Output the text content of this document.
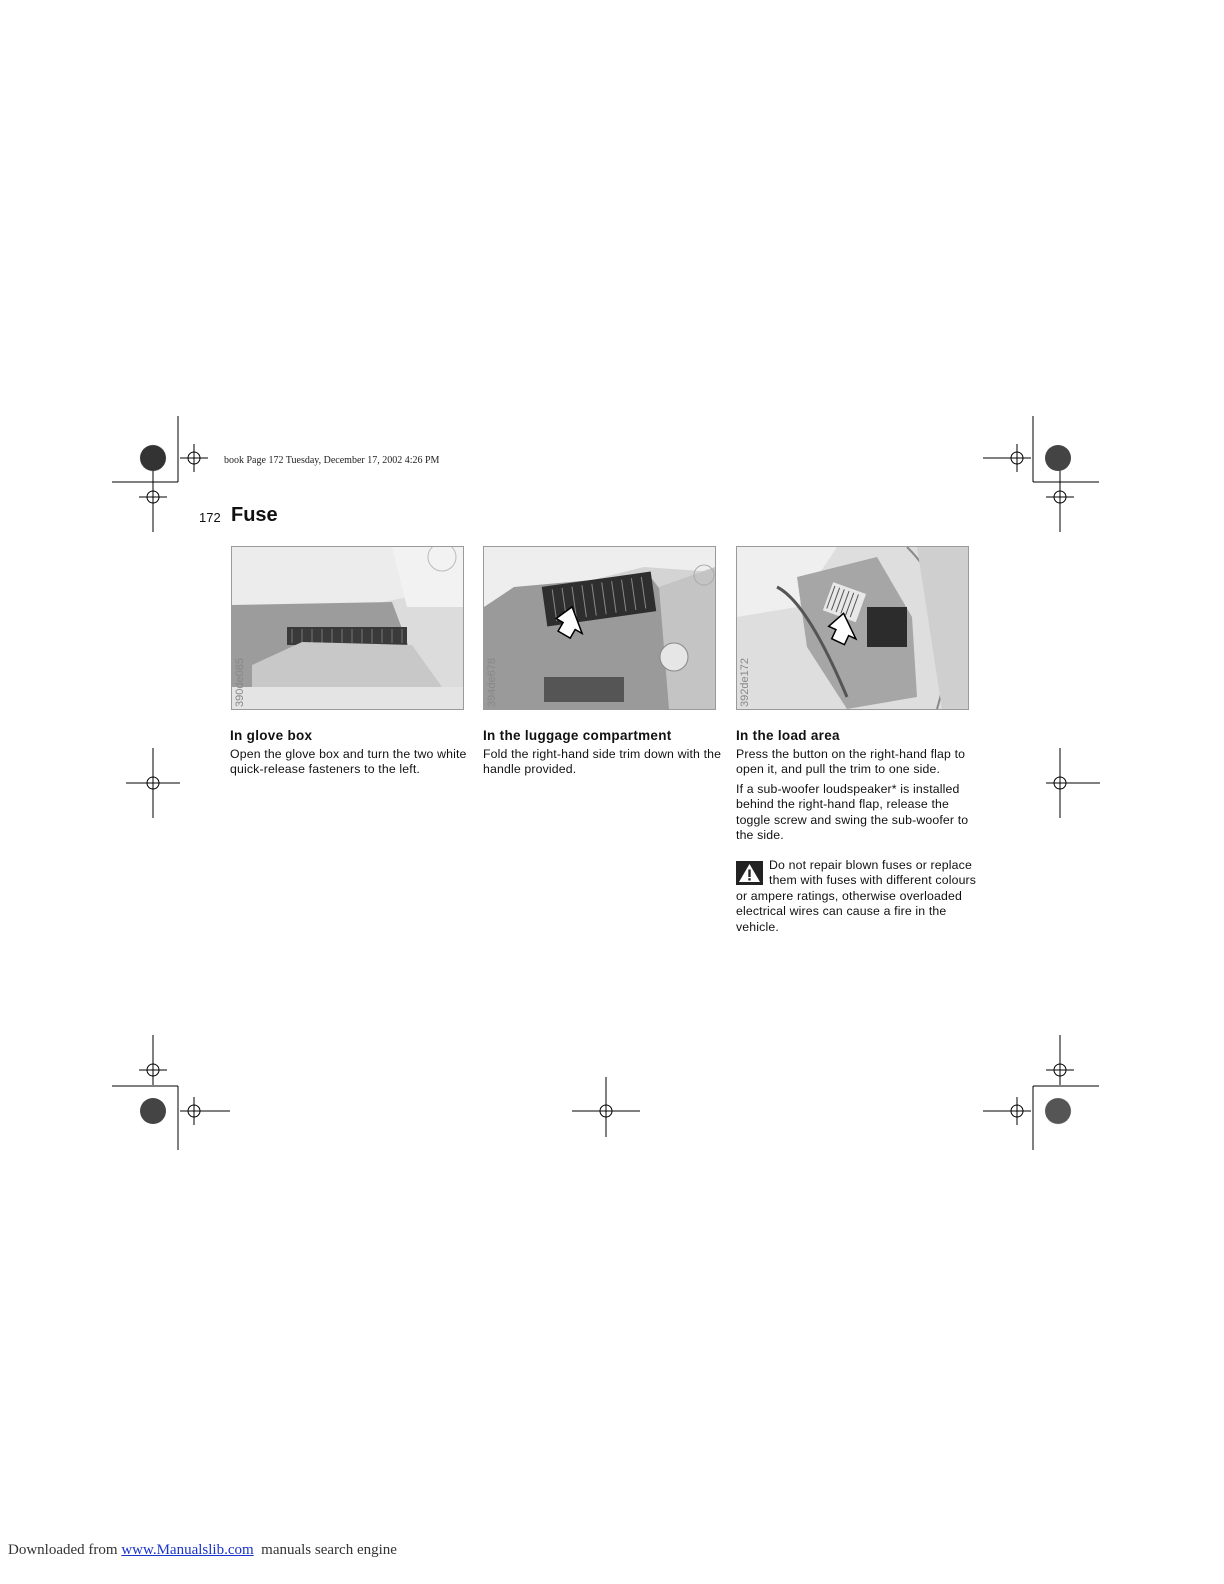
book Page 172 Tuesday, December 17, 2002 4:26 PM
172 Fuse
390de085	394de678	392de172
In glove box

Open the glove box and turn the two white quick-release fasteners to the left.

In the luggage compartment

Fold the right-hand side trim down with the handle provided.

In the load area

Press the button on the right-hand flap to open it, and pull the trim to one side.

If a sub-woofer loudspeaker* is installed behind the right-hand flap, release the toggle screw and swing the sub-woofer to the side.

Do not repair blown fuses or replace them with fuses with different colours or ampere ratings, otherwise overloaded electrical wires can cause a fire in the vehicle.
Downloaded from www.Manualslib.com  manuals search engine
